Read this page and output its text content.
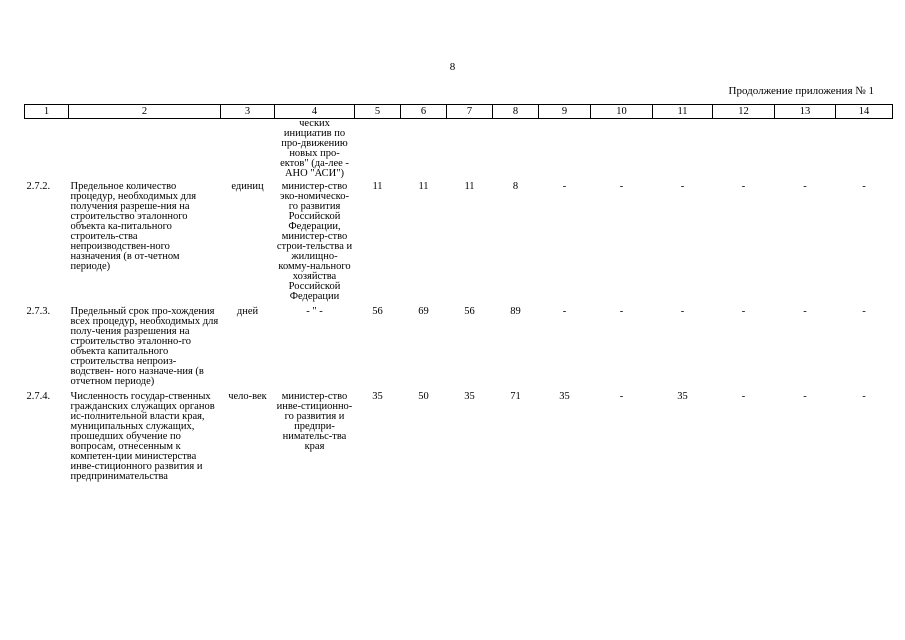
8
Продолжение приложения № 1
1	2	3	4	5	6	7	8	9	10	11	12	13	14
			ческих инициатив по про-движению новых про-ектов" (да-лее - АНО "АСИ")										
2.7.2.	Предельное количество процедур, необходимых для получения разреше-ния на строительство эталонного объекта ка-питального строитель-ства непроизводствен-ного назначения (в от-четном периоде)	единиц	министер-ство эко-номическо-го развития Российской Федерации, министер-ство строи-тельства и жилищно-комму-нального хозяйства Российской Федерации	11	11	11	8	-	-	-	-	-	-
2.7.3.	Предельный срок про-хождения всех процедур, необходимых для полу-чения разрешения на строительство эталонно-го объекта капитального строительства непроиз-водствен- ного назначе-ния (в отчетном периоде)	дней	- " -	56	69	56	89	-	-	-	-	-	-
2.7.4.	Численность государ-ственных гражданских служащих органов ис-полнительной власти края, муниципальных служащих, прошедших обучение по вопросам, отнесенным к компетен-ции министерства инве-стиционного развития и предпринимательства	чело-век	министер-ство инве-стиционно-го развития и предпри-нимательс-тва края	35	50	35	71	35	-	35	-	-	-
